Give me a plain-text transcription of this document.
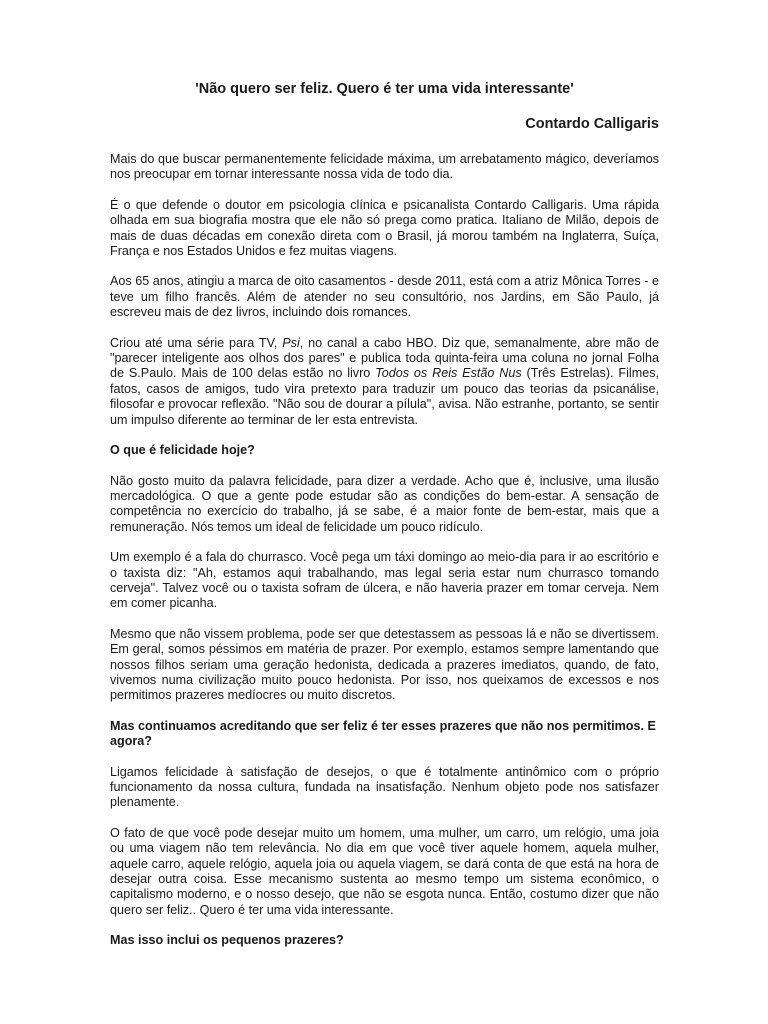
'Não quero ser feliz. Quero é ter uma vida interessante'
Contardo Calligaris

Mais do que buscar permanentemente felicidade máxima, um arrebatamento mágico, deveríamos nos preocupar em tornar interessante nossa vida de todo dia.

É o que defende o doutor em psicologia clínica e psicanalista Contardo Calligaris. Uma rápida olhada em sua biografia mostra que ele não só prega como pratica. Italiano de Milão, depois de mais de duas décadas em conexão direta com o Brasil, já morou também na Inglaterra, Suíça, França e nos Estados Unidos e fez muitas viagens.

Aos 65 anos, atingiu a marca de oito casamentos - desde 2011, está com a atriz Mônica Torres - e teve um filho francês. Além de atender no seu consultório, nos Jardins, em São Paulo, já escreveu mais de dez livros, incluindo dois romances.

Criou até uma série para TV, Psi, no canal a cabo HBO. Diz que, semanalmente, abre mão de "parecer inteligente aos olhos dos pares" e publica toda quinta-feira uma coluna no jornal Folha de S.Paulo. Mais de 100 delas estão no livro Todos os Reis Estão Nus (Três Estrelas). Filmes, fatos, casos de amigos, tudo vira pretexto para traduzir um pouco das teorias da psicanálise, filosofar e provocar reflexão. "Não sou de dourar a pílula", avisa. Não estranhe, portanto, se sentir um impulso diferente ao terminar de ler esta entrevista.

O que é felicidade hoje?

Não gosto muito da palavra felicidade, para dizer a verdade. Acho que é, inclusive, uma ilusão mercadológica. O que a gente pode estudar são as condições do bem-estar. A sensação de competência no exercício do trabalho, já se sabe, é a maior fonte de bem-estar, mais que a remuneração. Nós temos um ideal de felicidade um pouco ridículo.

Um exemplo é a fala do churrasco. Você pega um táxi domingo ao meio-dia para ir ao escritório e o taxista diz: "Ah, estamos aqui trabalhando, mas legal seria estar num churrasco tomando cerveja". Talvez você ou o taxista sofram de úlcera, e não haveria prazer em tomar cerveja. Nem em comer picanha.

Mesmo que não vissem problema, pode ser que detestassem as pessoas lá e não se divertissem. Em geral, somos péssimos em matéria de prazer. Por exemplo, estamos sempre lamentando que nossos filhos seriam uma geração hedonista, dedicada a prazeres imediatos, quando, de fato, vivemos numa civilização muito pouco hedonista. Por isso, nos queixamos de excessos e nos permitimos prazeres medíocres ou muito discretos.

Mas continuamos acreditando que ser feliz é ter esses prazeres que não nos permitimos. E agora?

Ligamos felicidade à satisfação de desejos, o que é totalmente antinômico com o próprio funcionamento da nossa cultura, fundada na insatisfação. Nenhum objeto pode nos satisfazer plenamente.

O fato de que você pode desejar muito um homem, uma mulher, um carro, um relógio, uma joia ou uma viagem não tem relevância. No dia em que você tiver aquele homem, aquela mulher, aquele carro, aquele relógio, aquela joia ou aquela viagem, se dará conta de que está na hora de desejar outra coisa. Esse mecanismo sustenta ao mesmo tempo um sistema econômico, o capitalismo moderno, e o nosso desejo, que não se esgota nunca. Então, costumo dizer que não quero ser feliz.. Quero é ter uma vida interessante.

Mas isso inclui os pequenos prazeres?
